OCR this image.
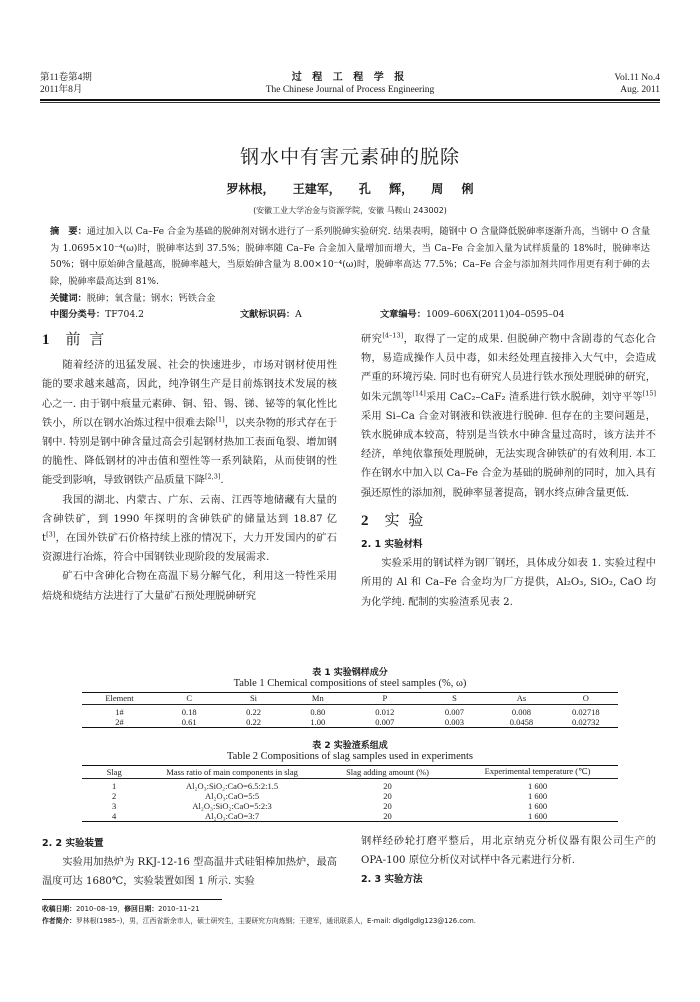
第11卷第4期
2011年8月
过 程 工 程 学 报
The Chinese Journal of Process Engineering
Vol.11 No.4
Aug. 2011
钢水中有害元素砷的脱除
罗林根， 王建军， 孔 辉， 周 俐
(安徽工业大学冶金与资源学院，安徽 马鞍山 243002)
摘　要：通过加入以 Ca–Fe 合金为基础的脱砷剂对钢水进行了一系列脱砷实验研究. 结果表明，随钢中 O 含量降低脱砷率逐渐升高，当钢中 O 含量为 1.0695×10⁻⁴(ω)时，脱砷率达到 37.5%；脱砷率随 Ca–Fe 合金加入量增加而增大，当 Ca–Fe 合金加入量为试样质量的 18%时，脱砷率达 50%；钢中原始砷含量越高，脱砷率越大，当原始砷含量为 8.00×10⁻⁴(ω)时，脱砷率高达 77.5%；Ca–Fe 合金与添加剂共同作用更有利于砷的去除，脱砷率最高达到 81%.
关键词：脱砷；氧含量；钢水；钙铁合金
中图分类号：TF704.2	文献标识码：A	文章编号：1009–606X(2011)04–0595–04
1 前 言

随着经济的迅猛发展、社会的快速进步，市场对钢材使用性能的要求越来越高，因此，纯净钢生产是目前炼钢技术发展的核心之一. 由于钢中痕量元素砷、铜、铅、锡、锑、铋等的氧化性比铁小，所以在钢水冶炼过程中很难去除[1]，以夹杂物的形式存在于钢中. 特别是钢中砷含量过高会引起钢材热加工表面龟裂、增加钢的脆性、降低钢材的冲击值和塑性等一系列缺陷，从而使钢的性能受到影响，导致钢铁产品质量下降[2,3].

我国的湖北、内蒙古、广东、云南、江西等地储藏有大量的含砷铁矿，到 1990 年探明的含砷铁矿的储量达到 18.87 亿 t[3]，在国外铁矿石价格持续上涨的情况下，大力开发国内的矿石资源进行冶炼，符合中国钢铁业现阶段的发展需求.

矿石中含砷化合物在高温下易分解气化，利用这一特性采用焙烧和烧结方法进行了大量矿石预处理脱砷研究

研究[4–13]，取得了一定的成果. 但脱砷产物中含剧毒的气态化合物，易造成操作人员中毒，如未经处理直接排入大气中，会造成严重的环境污染. 同时也有研究人员进行铁水预处理脱砷的研究，如朱元凯等[14]采用 CaC₂–CaF₂ 渣系进行铁水脱砷，刘守平等[15]采用 Si–Ca 合金对钢液和铁液进行脱砷. 但存在的主要问题是，铁水脱砷成本较高，特别是当铁水中砷含量过高时，该方法并不经济，单纯依靠预处理脱砷，无法实现含砷铁矿的有效利用. 本工作在钢水中加入以 Ca–Fe 合金为基础的脱砷剂的同时，加入具有强还原性的添加剂，脱砷率显著提高，钢水终点砷含量更低.

2 实 验
2. 1 实验材料

实验采用的钢试样为钢厂钢坯，具体成分如表 1. 实验过程中所用的 Al 和 Ca–Fe 合金均为厂方提供，Al₂O₃, SiO₂, CaO 均为化学纯. 配制的实验渣系见表 2.

表 1 实验钢样成分
Table 1 Chemical compositions of steel samples (%, ω)
Element	C	Si	Mn	P	S	As	O
1#	0.18	0.22	0.80	0.012	0.007	0.008	0.02718
2#	0.61	0.22	1.00	0.007	0.003	0.0458	0.02732
表 2 实验渣系组成
Table 2 Compositions of slag samples used in experiments
Slag	Mass ratio of main components in slag	Slag adding amount (%)	Experimental temperature (℃)
1	Al₂O₃:SiO₂:CaO=6.5:2:1.5	20	1 600
2	Al₂O₃:CaO=5:5	20	1 600
3	Al₂O₃:SiO₂:CaO=5:2:3	20	1 600
4	Al₂O₃:CaO=3:7	20	1 600
2. 2 实验装置

实验用加热炉为 RKJ-12-16 型高温井式硅钼棒加热炉，最高温度可达 1680℃，实验装置如图 1 所示. 实验

钢样经砂轮打磨平整后，用北京纳克分析仪器有限公司生产的 OPA-100 原位分析仪对试样中各元素进行分析.

2. 3 实验方法
收稿日期：2010–08–19，修回日期：2010–11–21
作者简介：罗林根(1985–)，男，江西省新余市人，硕士研究生，主要研究方向炼钢；王建军，通讯联系人，E-mail: dlgdlgdlg123@126.com.
